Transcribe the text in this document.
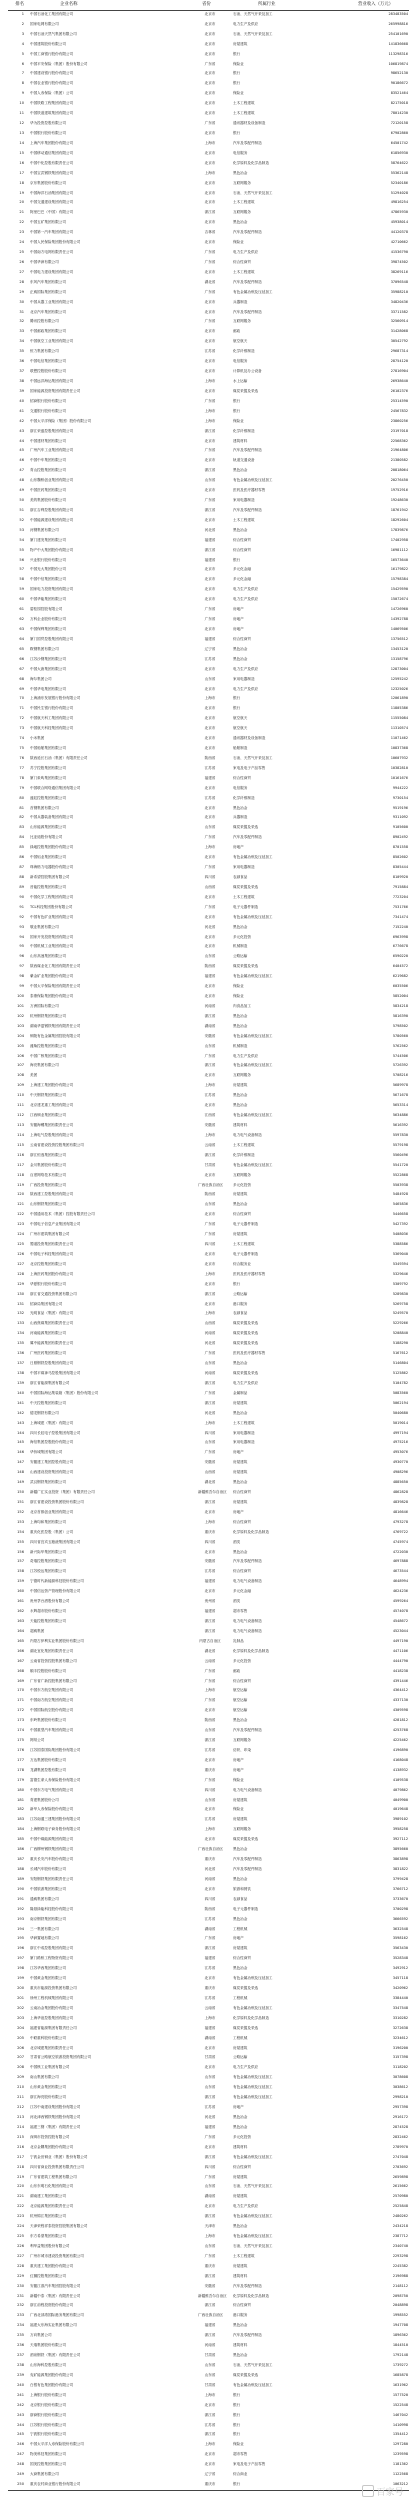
排名	企业名称	省份	所属行业	营业收入（万元）
1 中国石油化工集团有限公司	北京市	石油、天然气开采及加工	283483504
2 国家电网有限公司	北京市	电力生产及供应	265998816
3 中国石油天然气集团有限公司	北京市	石油、天然气开采及加工	254101690
4 中国建筑股份有限公司	北京市	房屋建筑	141836668
5 中国工商银行股份有限公司	北京市	银行	113298316
6 中国平安保险（集团）股份有限公司	广东省	保险业	106819874
7 中国建设银行股份有限公司	北京市	银行	98652130
8 中国农业银行股份有限公司	北京市	银行	90186672
9 中国人寿保险（集团）公司	北京市	保险业	83521464
10 中国铁路工程集团有限公司	北京市	土木工程建筑	82175018
11 中国铁道建筑集团有限公司	北京市	土木工程建筑	78014230
12 华为投资控股有限公司	广东省	通讯器材及设备制造	72120158
13 中国银行股份有限公司	北京市	银行	67902860
14 上海汽车集团股份有限公司	上海市	汽车及零配件制造	64501742
15 中国移动通信集团有限公司	北京市	电信服务	61856930
16 中国中化控股有限责任公司	北京市	化学原料及化学品制造	58764622
17 中国宝武钢铁集团有限公司	上海市	黑色冶金	55362148
18 京东集团股份有限公司	北京市	互联网服务	52340186
19 中国海洋石油集团有限公司	北京市	石油、天然气开采及加工	51294028
20 中国交通建设集团有限公司	北京市	土木工程建筑	49816254
21 阿里巴巴（中国）有限公司	浙江省	互联网服务	47865930
22 中国五矿集团有限公司	北京市	黑色冶金	45938014
23 中国第一汽车集团有限公司	吉林省	汽车及零配件制造	44120378
24 中国人民保险集团股份有限公司	北京市	保险业	42710662
25 中国南方电网有限责任公司	广东省	电力生产及供应	41536790
26 中国华润有限公司	广东省	综合性商贸	39874502
27 中国电力建设集团有限公司	北京市	土木工程建筑	38269116
28 东风汽车集团有限公司	湖北省	汽车及零配件制造	37096548
29 正威国际集团有限公司	广东省	有色金属冶炼及压延加工	35988210
30 中国兵器工业集团有限公司	北京市	兵器制造	34820436
31 北京汽车集团有限公司	北京市	汽车及零配件制造	33711582
32 腾讯控股有限公司	广东省	互联网服务	32560914
33 中国邮政集团有限公司	北京市	邮政	31428068
34 中国航空工业集团有限公司	北京市	航空航天	30542792
35 恒力集团有限公司	江苏省	化学纤维制造	29687314
36 中国电信集团有限公司	北京市	电信服务	28754120
37 联想控股股份有限公司	北京市	计算机及办公设备	27816904
38 中国远洋海运集团有限公司	上海市	水上运输	26938640
39 国家能源投资集团有限责任公司	北京市	煤炭采掘及采选	26102376
40 招商银行股份有限公司	广东省	银行	25314590
41 交通银行股份有限公司	上海市	银行	24567832
42 中国太平洋保险（集团）股份有限公司	上海市	保险业	23860256
43 浙江荣盛控股集团有限公司	浙江省	化学纤维制造	23197018
44 中国建材集团有限公司	北京市	建筑材料	22568362
45 广州汽车工业集团有限公司	广东省	汽车及零配件制造	21964806
46 中国中车集团有限公司	北京市	轨道交通设备	21380582
47 青山控股集团有限公司	浙江省	黑色冶金	20818064
48 山东魏桥创业集团有限公司	山东省	有色金属冶炼及压延加工	20276450
49 中国医药集团有限公司	北京市	医药及医疗器材零售	19752916
50 美的集团股份有限公司	广东省	家用电器制造	19248630
51 浙江吉利控股集团有限公司	浙江省	汽车及零配件制造	18761942
52 中国能源建设集团有限公司	北京市	土木工程建筑	18292604
53 河钢集团有限公司	河北省	黑色冶金	17839876
54 厦门建发集团有限公司	福建省	综合性商贸	17402958
55 物产中大集团股份有限公司	浙江省	综合性商贸	16981112
56 兴业银行股份有限公司	福建省	银行	16573640
57 中国光大集团股份公司	北京市	多元化金融	16179822
58 中国中信集团有限公司	北京市	多元化金融	15798384
59 国家电力投资集团有限公司	北京市	电力生产及供应	15429590
60 中国华能集团有限公司	北京市	电力生产及供应	15072674
61 碧桂园控股有限公司	广东省	房地产	14726960
62 万科企业股份有限公司	广东省	房地产	14392788
63 中国保利集团有限公司	北京市	房地产	14069506
64 厦门国贸控股集团有限公司	福建省	综合性商贸	13756512
65 鞍钢集团有限公司	辽宁省	黑色冶金	13453120
66 江苏沙钢集团有限公司	江苏省	黑色冶金	13158796
67 中国大唐集团有限公司	北京市	电力生产及供应	12873004
68 海尔集团公司	山东省	家用电器制造	12595242
69 中国华电集团有限公司	北京市	电力生产及供应	12325026
70 上海浦东发展银行股份有限公司	上海市	银行	12061890
71 中国民生银行股份有限公司	北京市	银行	11805386
72 中国航天科工集团有限公司	北京市	航空航天	11555084
73 中国航天科技集团有限公司	北京市	航空航天	11310574
74 小米集团	北京市	通讯器材及设备制造	11071462
75 中国船舶集团有限公司	北京市	船舶制造	10837368
76 陕西延长石油（集团）有限责任公司	陕西省	石油、天然气开采及加工	10607932
77 苏宁控股集团有限公司	江苏省	家电及电子产品零售	10382810
78 厦门象屿集团有限公司	福建省	综合性商贸	10161676
79 中国联合网络通信集团有限公司	北京市	电信服务	9944222
80 盛虹控股集团有限公司	江苏省	化学纤维制造	9730154
81 首钢集团有限公司	北京市	黑色冶金	9519196
82 中国兵器装备集团有限公司	北京市	兵器制造	9311092
83 山东能源集团有限公司	山东省	煤炭采掘及采选	9105600
84 比亚迪股份有限公司	广东省	汽车及零配件制造	8902492
85 绿地控股集团股份有限公司	上海市	房地产	8701558
86 中国铝业集团有限公司	北京市	有色金属冶炼及压延加工	8502602
87 珠海格力电器股份有限公司	广东省	家用电器制造	8305444
88 新希望控股集团有限公司	四川省	农副食品	8109920
89 晋能控股集团有限公司	山西省	煤炭采掘及采选	7915884
90 中国化学工程集团有限公司	北京市	土木工程建筑	7723204
91 TCL科技集团股份有限公司	广东省	电子元器件制造	7531766
92 中国有色矿业集团有限公司	北京市	有色金属冶炼及压延加工	7341474
93 敬业集团有限公司	河北省	黑色冶金	7152240
94 国家开发投资集团有限公司	北京市	多元化投资	6963998
95 中国机械工业集团有限公司	北京市	机械制造	6776678
96 山东高速集团有限公司	山东省	公路运输	6590220
97 陕西煤业化工集团有限责任公司	陕西省	煤炭采掘及采选	6404572
98 紫金矿业集团股份有限公司	福建省	有色金属冶炼及压延加工	6219682
99 中国太平保险集团有限责任公司	北京市	保险业	6035506
100 泰康保险集团股份有限公司	北京市	保险业	5852004
101 万洲国际有限公司	河南省	肉食品加工	5834218
102 杭州钢铁集团有限公司	浙江省	黑色冶金	5816390
103 湖南华菱钢铁集团有限责任公司	湖南省	黑色冶金	5798502
104 铜陵有色金属集团控股有限公司	安徽省	有色金属冶炼及压延加工	5780560
105 潍柴控股集团有限公司	山东省	机械制造	5762562
106 中国广核集团有限公司	广东省	电力生产及供应	5744506
107 海亮集团有限公司	浙江省	有色金属冶炼及压延加工	5726392
108 美团	北京市	互联网服务	5708216
109 上海建工集团股份有限公司	上海市	房屋建筑	5689978
110 中天钢铁集团有限公司	江苏省	黑色冶金	5671678
111 北京建龙重工集团有限公司	北京市	黑色冶金	5653314
112 江西铜业集团有限公司	江西省	有色金属冶炼及压延加工	5634886
113 安徽海螺集团有限责任公司	安徽省	建筑材料	5616392
114 上海电气控股集团有限公司	上海市	电力电气设备制造	5597830
115 云南省建设投资控股集团有限公司	云南省	土木工程建筑	5579198
116 浙江恒逸集团有限公司	浙江省	化学纤维制造	5560496
117 金川集团股份有限公司	甘肃省	有色金属冶炼及压延加工	5541720
118 百度网络技术有限公司	北京市	互联网服务	5522868
119 广西投资集团有限公司	广西壮族自治区	多元化投资	5503938
120 陕西建工控股集团有限公司	陕西省	房屋建筑	5484928
121 山东钢铁集团有限公司	山东省	黑色冶金	5465836
122 中国通用技术（集团）控股有限责任公司	北京市	综合性商贸	5446658
123 中国电子信息产业集团有限公司	广东省	电子元器件制造	5427392
124 广州市建筑集团有限公司	广东省	房屋建筑	5408036
125 蜀道投资集团有限责任公司	四川省	土木工程建筑	5388586
126 中国电子科技集团有限公司	北京市	电子元器件制造	5369040
127 北京控股集团有限公司	北京市	综合服务业	5349394
128 上海医药集团股份有限公司	上海市	医药及医疗器材零售	5329646
129 华夏银行股份有限公司	北京市	银行	5309792
130 浙江省交通投资集团有限公司	浙江省	公路运输	5289830
131 招商局集团有限公司	北京市	港口服务	5269758
132 光明食品（集团）有限公司	上海市	农副食品	5249570
133 山西焦煤集团有限责任公司	山西省	煤炭采掘及采选	5229266
134 河南能源集团有限公司	河南省	煤炭采掘及采选	5208840
135 冀中能源集团有限责任公司	河北省	煤炭采掘及采选	5188290
136 广州医药集团有限公司	广东省	医药及医疗器材零售	5167612
137 日照钢铁控股集团有限公司	山东省	黑色冶金	5146804
138 中国平煤神马控股集团有限公司	河南省	煤炭采掘及采选	5125862
139 浙江省能源集团有限公司	浙江省	电力生产及供应	5104782
140 中国国际海运集装箱（集团）股份有限公司	广东省	金属制品	5083560
141 中天控股集团有限公司	浙江省	房屋建筑	5062194
142 德龙钢铁有限公司	河北省	黑色冶金	5040680
143 上海城建（集团）有限公司	上海市	土木工程建筑	5019014
144 四川长虹电子控股集团有限公司	四川省	家用电器制造	4997194
145 海信集团控股股份有限公司	山东省	家用电器制造	4975216
146 华侨城集团有限公司	广东省	房地产	4953076
147 安徽建工集团控股有限公司	安徽省	房屋建筑	4930770
148 山西建设投资集团有限公司	山西省	房屋建筑	4908296
149 武汉钢铁集团有限公司	湖北省	黑色冶金	4885650
150 新疆广汇实业投资（集团）有限责任公司	新疆维吾尔自治区 综合性商贸	4862828
151 浙江省建设投资集团股份有限公司	浙江省	房屋建筑	4839828
152 北京首都创业集团有限公司	北京市	房地产	4816646
153 上海均和集团有限公司	上海市	综合性商贸	4793278
154 重庆化医控股（集团）公司	重庆市	化学原料及化学品制造	4769722
155 四川省宜宾五粮液集团有限公司	四川省	酒类	4745974
156 新兴际华集团有限公司	北京市	黑色冶金	4722030
157 奇瑞控股集团有限公司	安徽省	汽车及零配件制造	4697888
158 江苏悦达集团有限公司	江苏省	综合性商贸	4673544
159 宁德时代新能源科技股份有限公司	福建省	电力电气设备制造	4648994
160 中国信达资产管理股份有限公司	北京市	多元化金融	4624236
161 贵州茅台酒股份有限公司	贵州省	酒类	4599264
162 永辉超市股份有限公司	福建省	超市零售	4574078
163 天能控股集团有限公司	浙江省	电力电气设备制造	4548672
164 超威集团	浙江省	电力电气设备制造	4523044
165 内蒙古伊利实业集团股份有限公司	内蒙古自治区	乳制品	4497190
166 湖北宜化集团有限责任公司	湖北省	化学原料及化学品制造	4471106
167 云南省投资控股集团有限公司	云南省	多元化投资	4444790
168 顺丰控股股份有限公司	广东省	邮政	4418238
169 广东省广新控股集团有限公司	广东省	综合性商贸	4391446
170 中国东方航空集团有限公司	上海市	航空运输	4364412
171 中国南方航空集团有限公司	广东省	航空运输	4337130
172 中国国际航空股份有限公司	北京市	航空运输	4309598
173 东岭集团股份有限公司	陕西省	黑色冶金	4281812
174 中国重型汽车集团有限公司	山东省	汽车及零配件制造	4253768
175 网易公司	浙江省	互联网服务	4225462
176 江苏国泰国际集团股份有限公司	江苏省	纺织、印染	4196890
177 万达集团股份有限公司	北京市	房地产	4168048
178 龙湖集团控股有限公司	重庆市	房地产	4138932
179 富德生命人寿保险股份有限公司	广东省	保险业	4109538
180 中国东方电气集团有限公司	四川省	电力电气设备制造	4079862
181 青建集团股份公司	山东省	房屋建筑	4049900
182 新华人寿保险股份有限公司	北京市	保险业	4019648
183 江苏南通三建集团股份有限公司	江苏省	房屋建筑	3989102
184 上海钢联电子商务股份有限公司	上海市	互联网服务	3958258
185 中国中煤能源集团有限公司	北京市	煤炭采掘及采选	3927112
186 广西柳州钢铁集团有限公司	广西壮族自治区	黑色冶金	3895660
187 重庆长安汽车股份有限公司	重庆市	汽车及零配件制造	3863898
188 长城汽车股份有限公司	河北省	汽车及零配件制造	3831822
189 安阳钢铁集团有限责任公司	河南省	黑色冶金	3799428
190 中国旅游集团有限公司	北京市	旅游和餐饮	3766712
191 通威集团有限公司	四川省	农副食品	3733670
192 隆基绿能科技股份有限公司	陕西省	电子元器件制造	3700298
193 南京钢铁集团有限公司	江苏省	黑色冶金	3666592
194 三一集团有限公司	湖南省	工程机械	3632548
195 华润置地有限公司	广东省	房地产	3598162
196 浙江中成控股集团有限公司	浙江省	房屋建筑	3563430
197 厦门路桥工程物资有限公司	福建省	综合性商贸	3528348
198 江苏华西集团有限公司	江苏省	黑色冶金	3492912
199 中国黄金集团有限公司	北京市	有色金属冶炼及压延加工	3457118
200 重庆市能源投资集团有限公司	重庆市	煤炭采掘及采选	3420962
201 徐州工程机械集团有限公司	江苏省	工程机械	3384440
202 云南冶金集团股份有限公司	云南省	有色金属冶炼及压延加工	3347548
203 上海华谊控股集团有限公司	上海市	化学原料及化学品制造	3310282
204 福建省能源集团有限责任公司	福建省	煤炭采掘及采选	3272638
205 中联重科股份有限公司	湖南省	工程机械	3234612
206 北京城建集团有限责任公司	北京市	房屋建筑	3196200
207 甘肃省公路航空旅游投资集团有限公司	甘肃省	公路运输	3157398
208 中国核工业集团有限公司	北京市	电力生产及供应	3118202
209 南山集团有限公司	山东省	有色金属冶炼及压延加工	3078608
210 山东黄金集团有限公司	山东省	有色金属冶炼及压延加工	3038612
211 浙江海亮股份有限公司	浙江省	有色金属冶炼及压延加工	2998210
212 江苏中南建设集团股份有限公司	江苏省	房地产	2957398
213 河北津西钢铁集团股份有限公司	河北省	黑色冶金	2916172
214 福建三钢（集团）有限责任公司	福建省	黑色冶金	2874528
215 深圳市投资控股有限公司	广东省	多元化投资	2832462
216 北京金隅集团股份有限公司	北京市	建筑材料	2789970
217 宁波金田铜业（集团）股份有限公司	浙江省	有色金属冶炼及压延加工	2747048
218 四川省商业投资集团有限责任公司	四川省	综合性商贸	2703692
219 广东省建筑工程集团有限公司	广东省	房屋建筑	2659898
220 山东东明石化集团有限公司	山东省	石油、天然气开采及加工	2615662
221 湖南建工集团有限公司	湖南省	房屋建筑	2570980
222 北京能源集团有限责任公司	北京市	电力生产及供应	2525848
223 杭州锦江集团有限公司	浙江省	有色金属冶炼及压延加工	2480262
224 天津荣程祥泰投资控股集团有限公司	天津市	黑色冶金	2434218
225 东方希望集团有限公司	上海市	有色金属冶炼及压延加工	2387712
226 利华益集团股份有限公司	山东省	石油、天然气开采及加工	2340740
227 广州市城市建设投资集团有限公司	广东省	土木工程建筑	2293298
228 重庆建工集团股份有限公司	重庆市	房屋建筑	2245382
229 红狮控股集团有限公司	浙江省	建筑材料	2196988
230 安徽江淮汽车集团控股有限公司	安徽省	汽车及零配件制造	2148112
231 新疆中泰（集团）有限责任公司	新疆维吾尔自治区 化学原料及化学品制造	2098750
232 浙江前程投资股份有限公司	浙江省	综合性商贸	2048898
233 广西北部湾国际港务集团有限公司	广西壮族自治区	港口服务	1998552
234 福建大东海实业集团有限公司	福建省	黑色冶金	1947708
235 万向集团公司	浙江省	汽车及零配件制造	1896362
236 天瑞集团股份有限公司	河南省	建筑材料	1844510
237 酒泉钢铁（集团）有限责任公司	甘肃省	黑色冶金	1792148
238 山东海科控股有限公司	山东省	石油、天然气开采及加工	1739272
239 兖矿能源集团股份有限公司	山东省	煤炭采掘及采选	1685878
240 白银有色集团股份有限公司	甘肃省	有色金属冶炼及压延加工	1631962
241 上海银行股份有限公司	上海市	银行	1577520
242 北京银行股份有限公司	北京市	银行	1522548
243 浙商银行股份有限公司	浙江省	银行	1467042
244 江苏银行股份有限公司	江苏省	银行	1410998
245 宁波银行股份有限公司	浙江省	银行	1354412
246 中国太平洋人寿保险股份有限公司	上海市	保险业	1297280
247 物美科技集团有限公司	北京市	超市零售	1239598
248 国美控股集团有限公司	北京市	家电及电子产品零售	1181362
249 大商集团有限公司	辽宁省	综合商业	1122568
250 重庆农村商业银行股份有限公司	重庆市	银行	1063212
百家号
